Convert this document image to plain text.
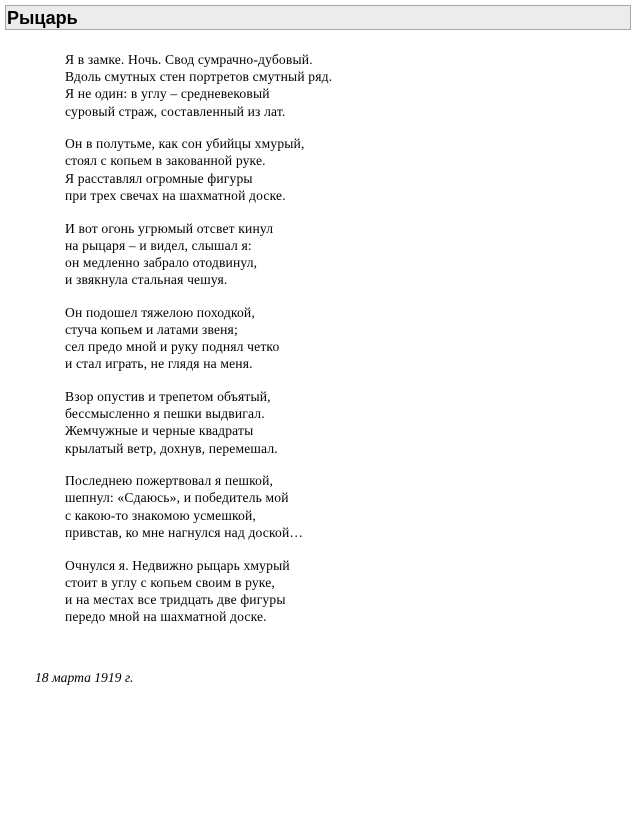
Рыцарь
Я в замке. Ночь. Свод сумрачно-дубовый.
Вдоль смутных стен портретов смутный ряд.
Я не один: в углу – средневековый
суровый страж, составленный из лат.
Он в полутьме, как сон убийцы хмурый,
стоял с копьем в закованной руке.
Я расставлял огромные фигуры
при трех свечах на шахматной доске.
И вот огонь угрюмый отсвет кинул
на рыцаря – и видел, слышал я:
он медленно забрало отодвинул,
и звякнула стальная чешуя.
Он подошел тяжелою походкой,
стуча копьем и латами звеня;
сел предо мной и руку поднял четко
и стал играть, не глядя на меня.
Взор опустив и трепетом объятый,
бессмысленно я пешки выдвигал.
Жемчужные и черные квадраты
крылатый ветр, дохнув, перемешал.
Последнею пожертвовал я пешкой,
шепнул: «Сдаюсь», и победитель мой
с какою-то знакомою усмешкой,
привстав, ко мне нагнулся над доской…
Очнулся я. Недвижно рыцарь хмурый
стоит в углу с копьем своим в руке,
и на местах все тридцать две фигуры
передо мной на шахматной доске.
18 марта 1919 г.
